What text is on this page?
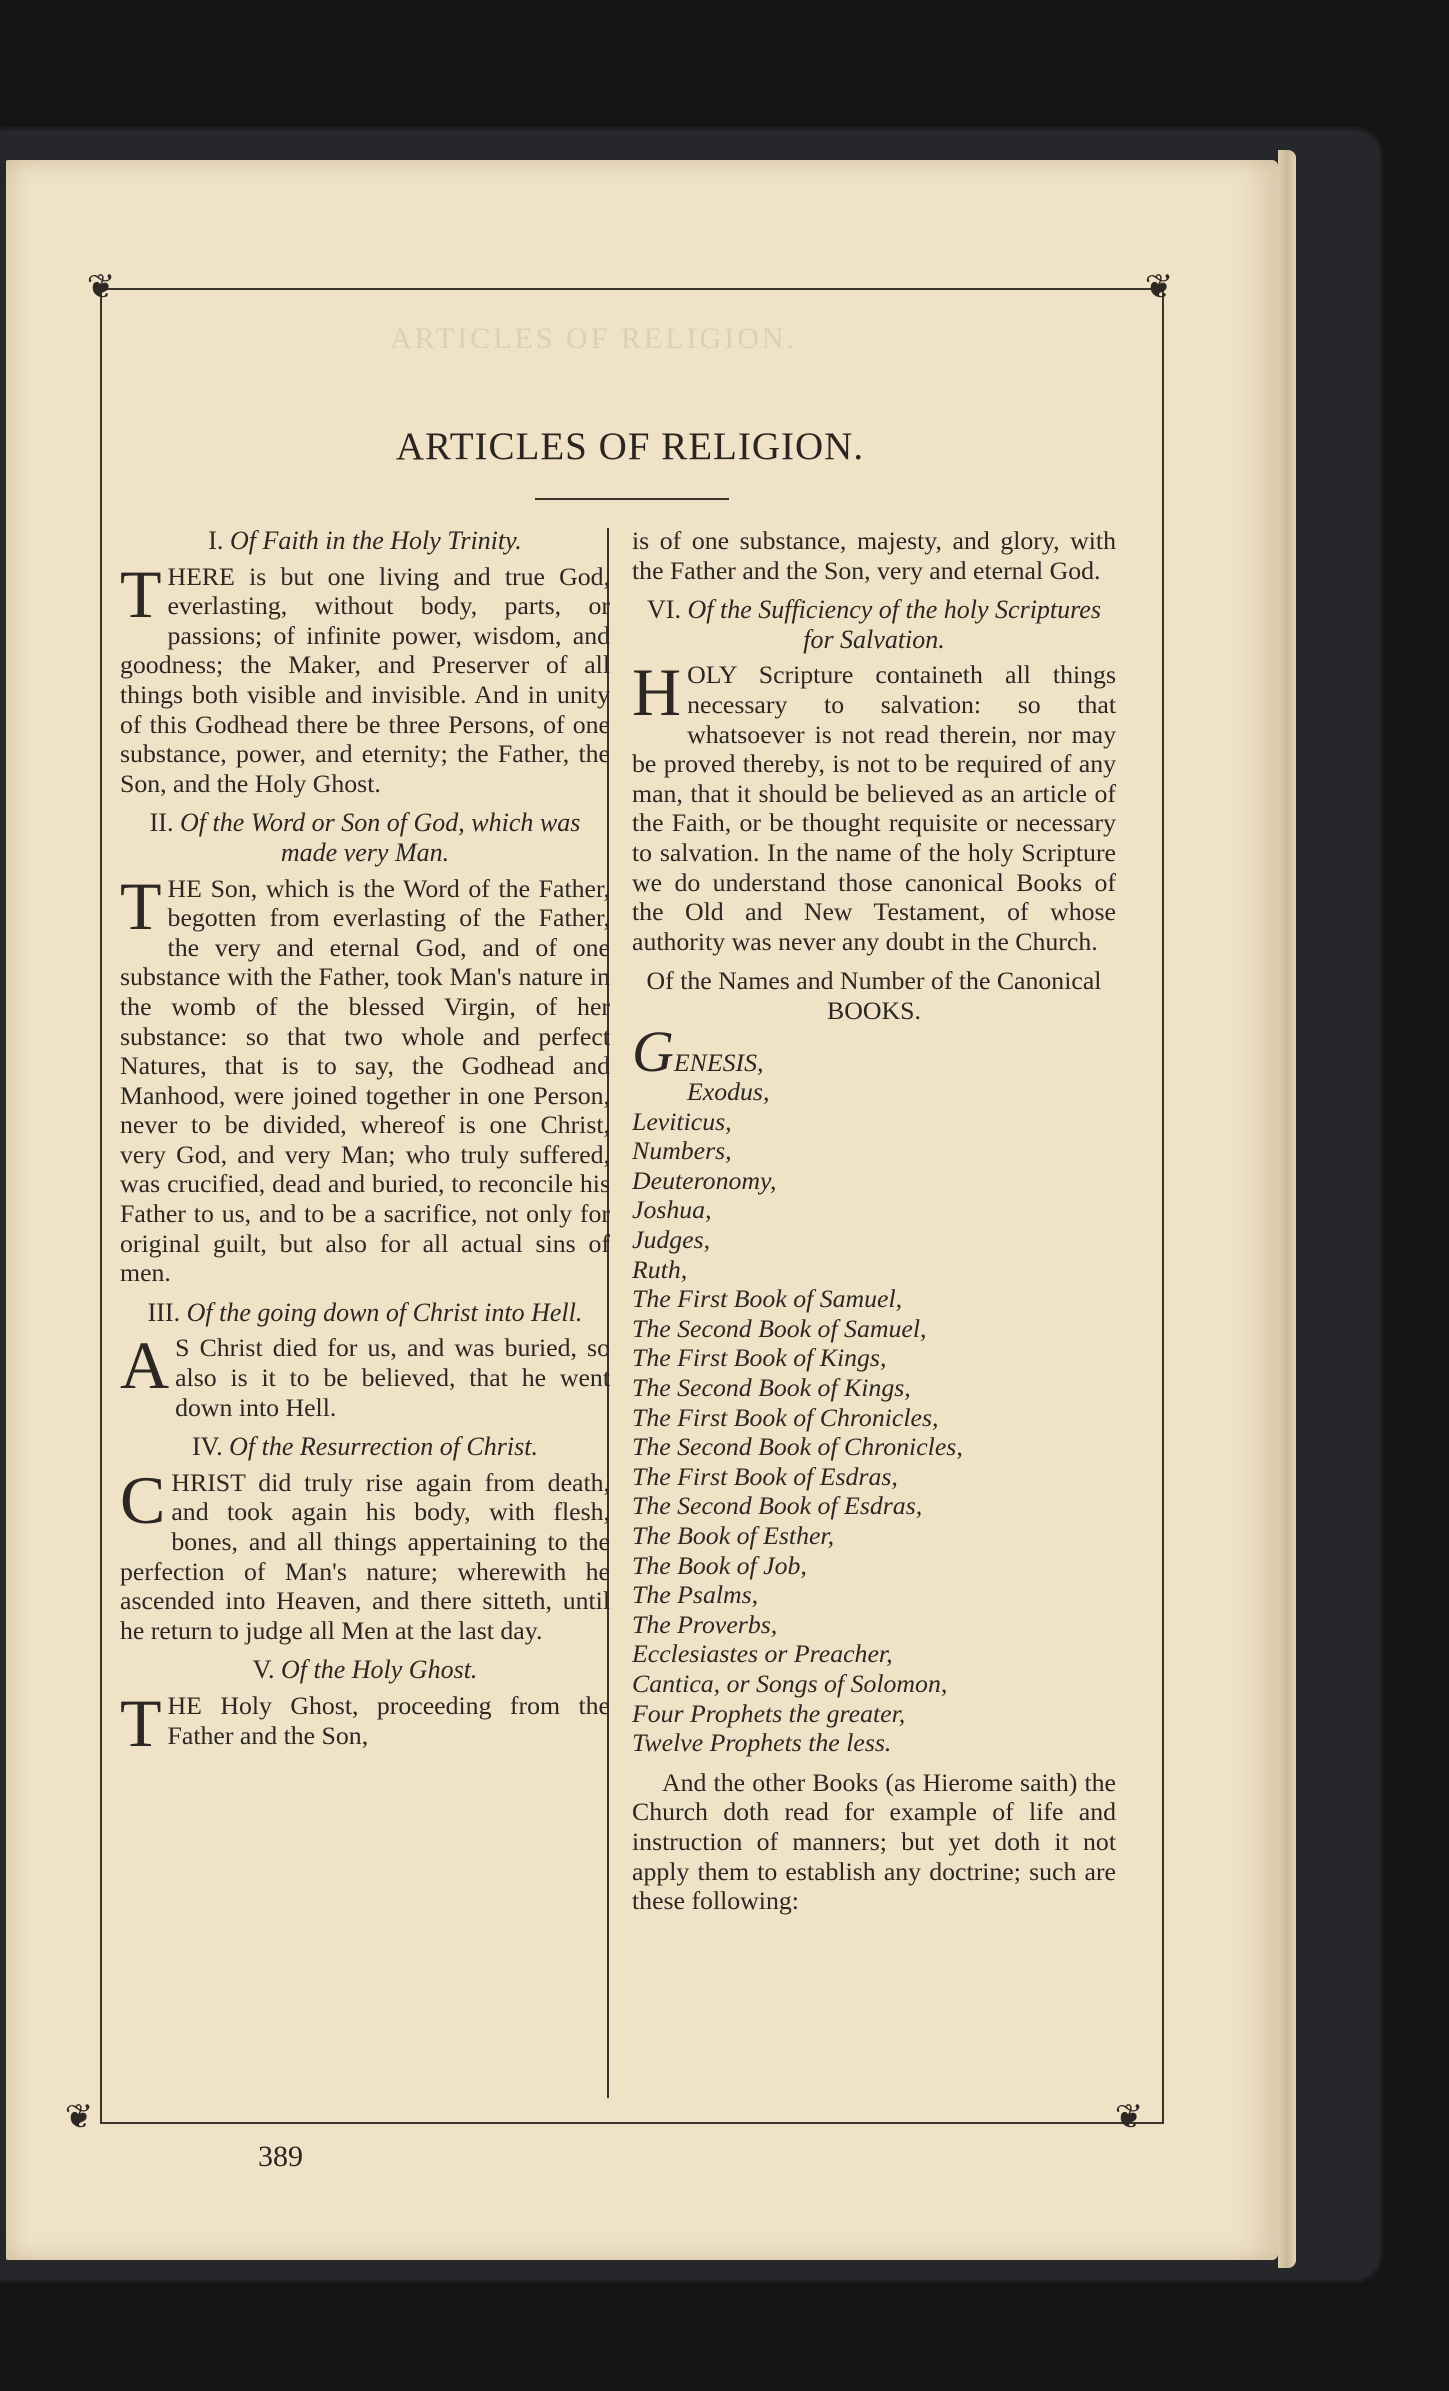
ARTICLES OF RELIGION.
❦	❦
❦	❦
ARTICLES OF RELIGION.

I. Of Faith in the Holy Trinity.

THERE is but one living and true God, everlasting, without body, parts, or passions; of infinite power, wisdom, and goodness; the Maker, and Preserver of all things both visible and invisible. And in unity of this Godhead there be three Persons, of one substance, power, and eternity; the Father, the Son, and the Holy Ghost.

II. Of the Word or Son of God, which was made very Man.

THE Son, which is the Word of the Father, begotten from everlasting of the Father, the very and eternal God, and of one substance with the Father, took Man's nature in the womb of the blessed Virgin, of her substance: so that two whole and perfect Natures, that is to say, the Godhead and Manhood, were joined together in one Person, never to be divided, whereof is one Christ, very God, and very Man; who truly suffered, was crucified, dead and buried, to reconcile his Father to us, and to be a sacrifice, not only for original guilt, but also for all actual sins of men.

III. Of the going down of Christ into Hell.

AS Christ died for us, and was buried, so also is it to be believed, that he went down into Hell.

IV. Of the Resurrection of Christ.

CHRIST did truly rise again from death, and took again his body, with flesh, bones, and all things appertaining to the perfection of Man's nature; wherewith he ascended into Heaven, and there sitteth, until he return to judge all Men at the last day.

V. Of the Holy Ghost.

THE Holy Ghost, proceeding from the Father and the Son,

is of one substance, majesty, and glory, with the Father and the Son, very and eternal God.

VI. Of the Sufficiency of the holy Scriptures for Salvation.

HOLY Scripture containeth all things necessary to salvation: so that whatsoever is not read therein, nor may be proved thereby, is not to be required of any man, that it should be believed as an article of the Faith, or be thought requisite or necessary to salvation. In the name of the holy Scripture we do understand those canonical Books of the Old and New Testament, of whose authority was never any doubt in the Church.

Of the Names and Number of the Canonical BOOKS.

GENESIS,
Exodus,
Leviticus,
Numbers,
Deuteronomy,
Joshua,
Judges,
Ruth,
The First Book of Samuel,
The Second Book of Samuel,
The First Book of Kings,
The Second Book of Kings,
The First Book of Chronicles,
The Second Book of Chronicles,
The First Book of Esdras,
The Second Book of Esdras,
The Book of Esther,
The Book of Job,
The Psalms,
The Proverbs,
Ecclesiastes or Preacher,
Cantica, or Songs of Solomon,
Four Prophets the greater,
Twelve Prophets the less.

And the other Books (as Hierome saith) the Church doth read for example of life and instruction of manners; but yet doth it not apply them to establish any doctrine; such are these following:

389
